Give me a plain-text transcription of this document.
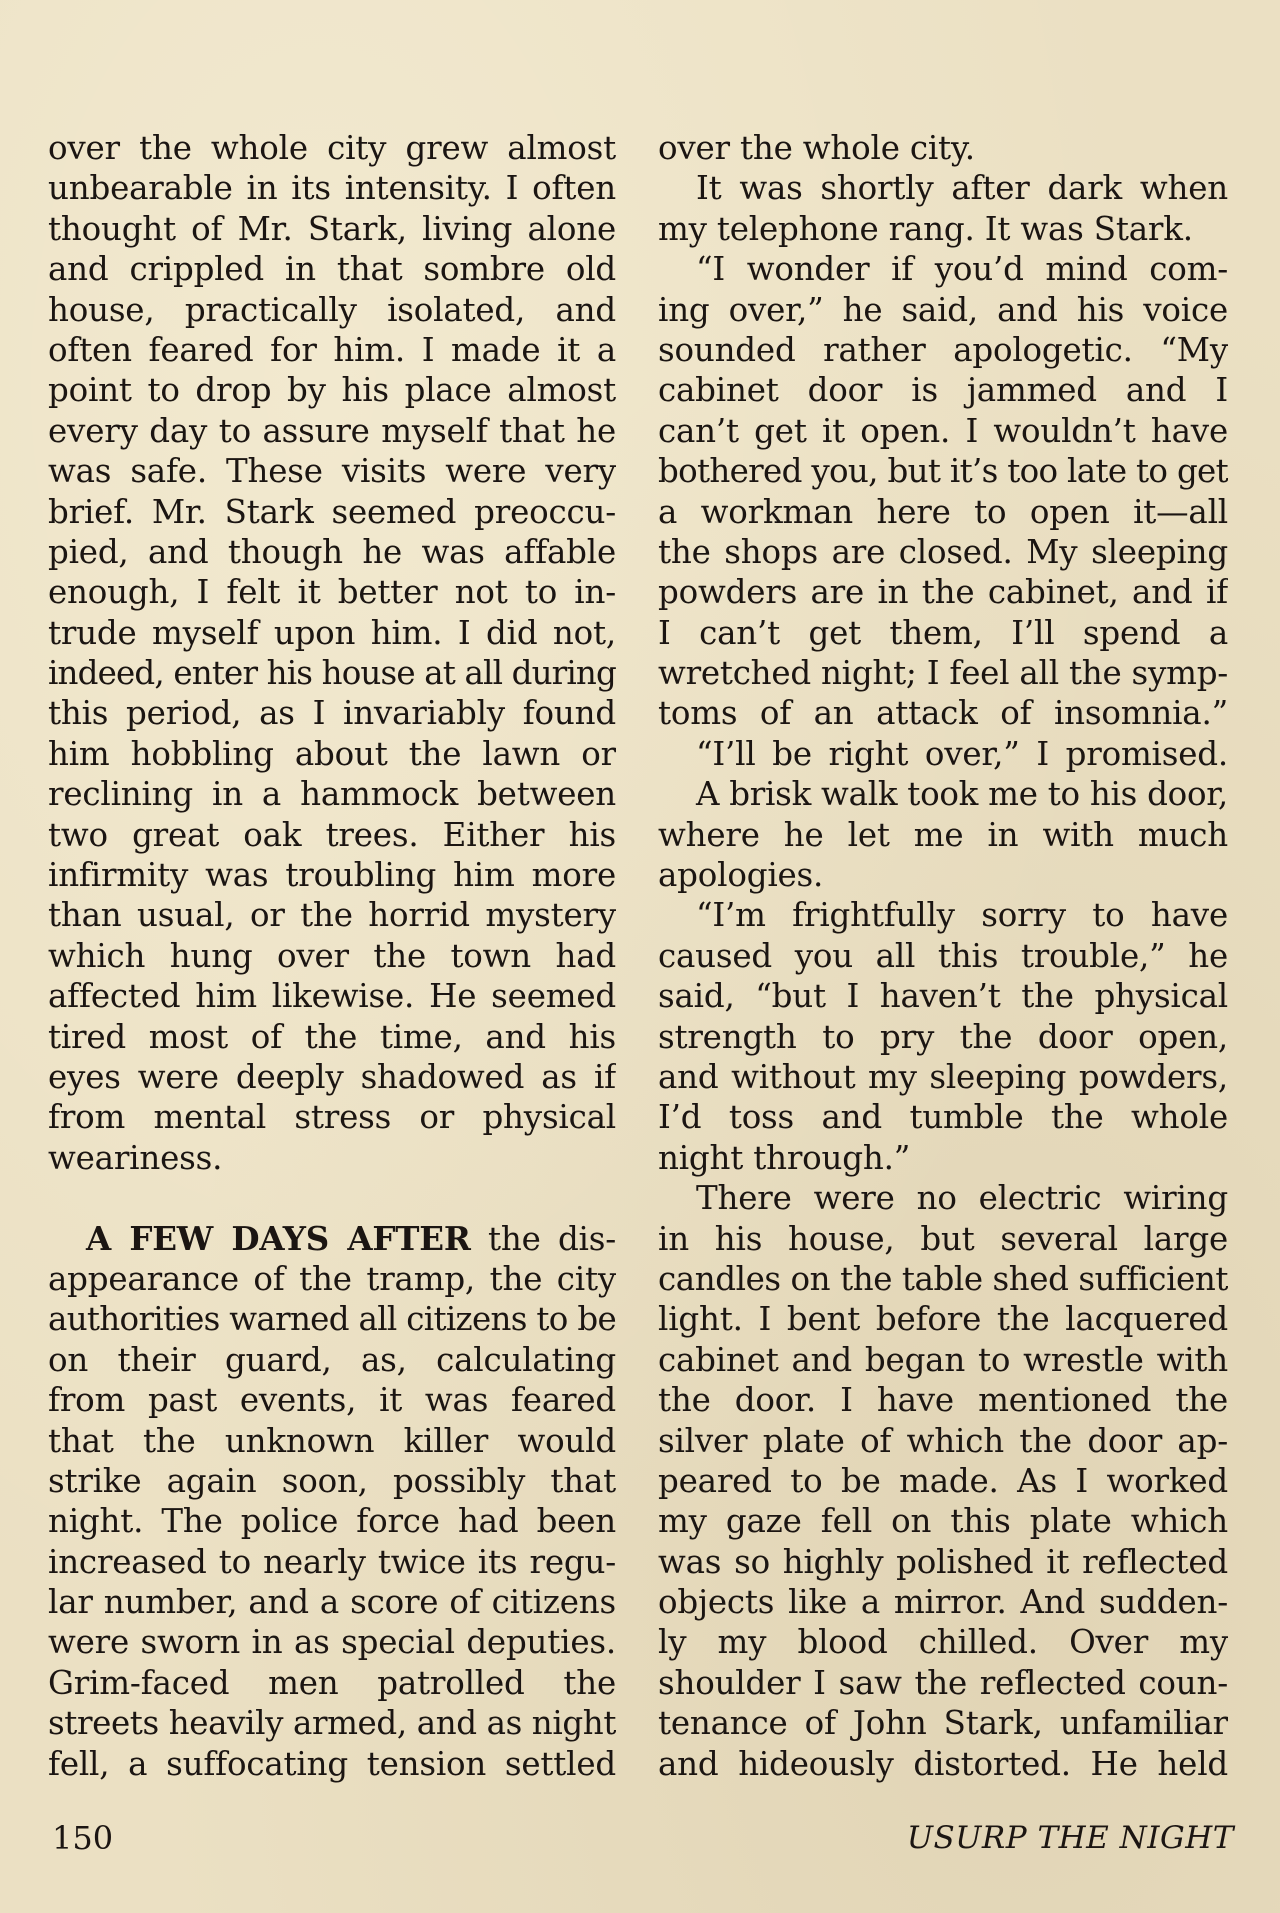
over the whole city grew almost
unbearable in its intensity. I often
thought of Mr. Stark, living alone
and crippled in that sombre old
house, practically isolated, and
often feared for him. I made it a
point to drop by his place almost
every day to assure myself that he
was safe. These visits were very
brief. Mr. Stark seemed preoccu-
pied, and though he was affable
enough, I felt it better not to in-
trude myself upon him. I did not,
indeed, enter his house at all during
this period, as I invariably found
him hobbling about the lawn or
reclining in a hammock between
two great oak trees. Either his
infirmity was troubling him more
than usual, or the horrid mystery
which hung over the town had
affected him likewise. He seemed
tired most of the time, and his
eyes were deeply shadowed as if
from mental stress or physical
weariness.
A FEW DAYS AFTER the dis-
appearance of the tramp, the city
authorities warned all citizens to be
on their guard, as, calculating
from past events, it was feared
that the unknown killer would
strike again soon, possibly that
night. The police force had been
increased to nearly twice its regu-
lar number, and a score of citizens
were sworn in as special deputies.
Grim-faced men patrolled the
streets heavily armed, and as night
fell, a suffocating tension settled
over the whole city.
It was shortly after dark when
my telephone rang. It was Stark.
“I wonder if you’d mind com-
ing over,” he said, and his voice
sounded rather apologetic. “My
cabinet door is jammed and I
can’t get it open. I wouldn’t have
bothered you, but it’s too late to get
a workman here to open it—all
the shops are closed. My sleeping
powders are in the cabinet, and if
I can’t get them, I’ll spend a
wretched night; I feel all the symp-
toms of an attack of insomnia.”
“I’ll be right over,” I promised.
A brisk walk took me to his door,
where he let me in with much
apologies.
“I’m frightfully sorry to have
caused you all this trouble,” he
said, “but I haven’t the physical
strength to pry the door open,
and without my sleeping powders,
I’d toss and tumble the whole
night through.”
There were no electric wiring
in his house, but several large
candles on the table shed sufficient
light. I bent before the lacquered
cabinet and began to wrestle with
the door. I have mentioned the
silver plate of which the door ap-
peared to be made. As I worked
my gaze fell on this plate which
was so highly polished it reflected
objects like a mirror. And sudden-
ly my blood chilled. Over my
shoulder I saw the reflected coun-
tenance of John Stark, unfamiliar
and hideously distorted. He held
150	USURP THE NIGHT
